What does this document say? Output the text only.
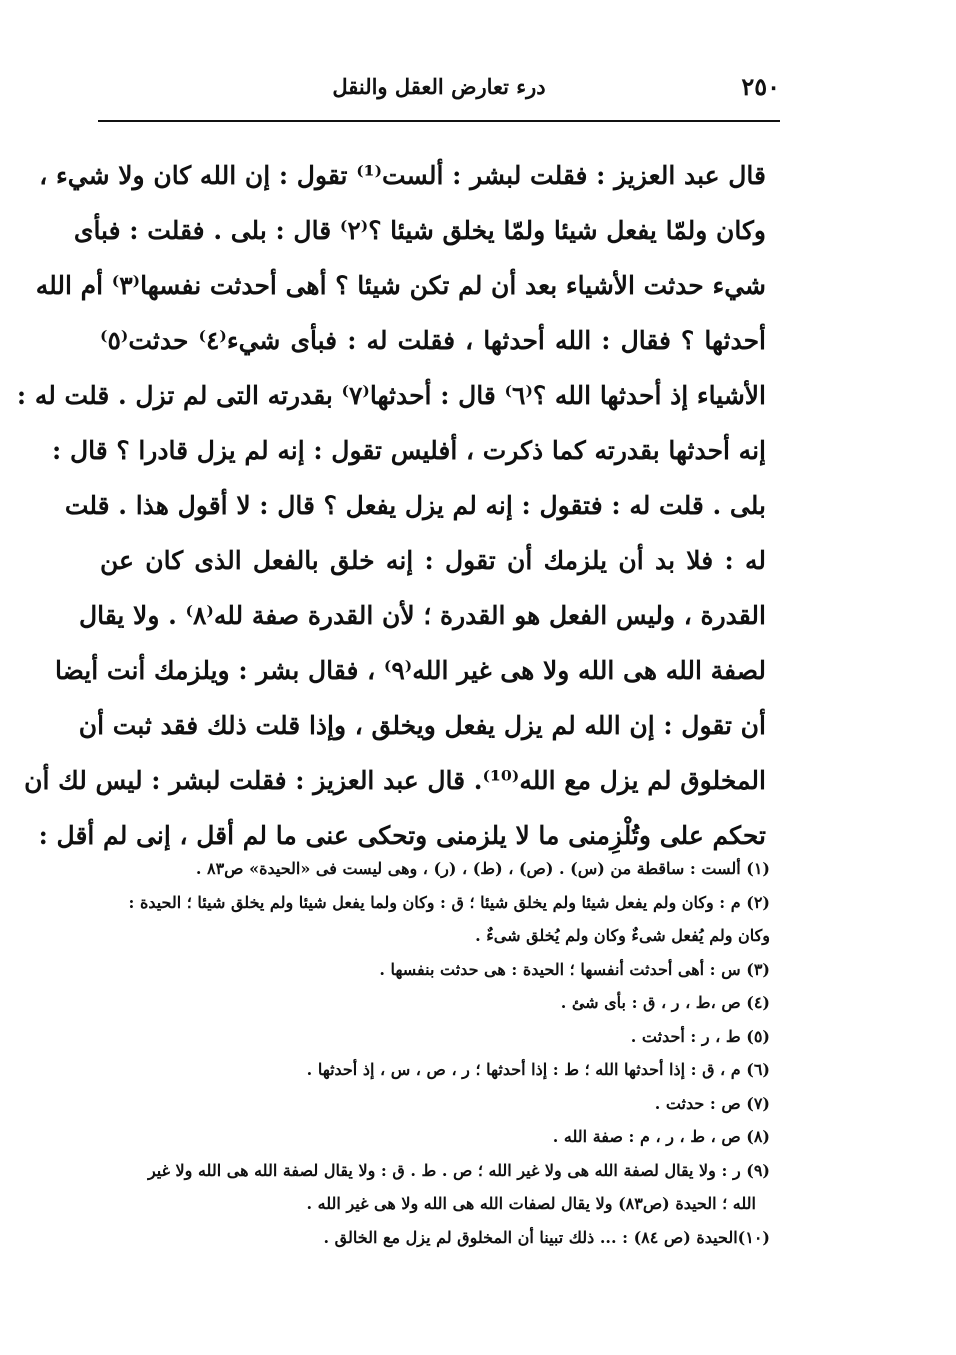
٢٥٠
درء تعارض العقل والنقل
قال عبد العزيز : فقلت لبشر : ألست⁽¹⁾ تقول : إن الله كان ولا شيء ،
وكان ولمّا يفعل شيئا ولمّا يخلق شيئا ؟⁽٢⁾ قال : بلى . فقلت : فبأى
شيء حدثت الأشياء بعد أن لم تكن شيئا ؟ أهى أحدثت نفسها⁽٣⁾ أم الله
أحدثها ؟ فقال : الله أحدثها ، فقلت له : فبأى شيء⁽٤⁾ حدثت⁽٥⁾
الأشياء إذ أحدثها الله ؟⁽٦⁾ قال : أحدثها⁽٧⁾ بقدرته التى لم تزل . قلت له :
إنه أحدثها بقدرته كما ذكرت ، أفليس تقول : إنه لم يزل قادرا ؟ قال :
بلى . قلت له : فتقول : إنه لم يزل يفعل ؟ قال : لا أقول هذا . قلت
له : فلا بد أن يلزمك أن تقول : إنه خلق بالفعل الذى كان عن
القدرة ، وليس الفعل هو القدرة ؛ لأن القدرة صفة لله⁽٨⁾ . ولا يقال
لصفة الله هى الله ولا هى غير الله⁽٩⁾ ، فقال بشر : ويلزمك أنت أيضا
أن تقول : إن الله لم يزل يفعل ويخلق ، وإذا قلت ذلك فقد ثبت أن
المخلوق لم يزل مع الله⁽¹⁰⁾. قال عبد العزيز : فقلت لبشر : ليس لك أن
تحكم على وتُلْزِمنى ما لا يلزمنى وتحكى عنى ما لم أقل ، إنى لم أقل :
(١) ألست : ساقطة من (س) . (ص) ، (ط) ، (ر) ، وهى ليست فى «الحيدة» ص٨٣ .
(٢) م : وكان ولم يفعل شيئا ولم يخلق شيئا ؛ ق : وكان ولما يفعل شيئا ولم يخلق شيئا ؛ الحيدة :
وكان ولم يُفعل شىءٌ وكان ولم يُخلق شىءٌ .
(٣) س : أهى أحدثت أنفسها ؛ الحيدة : هى حدثت بنفسها .
(٤) ص ،ط ، ر ، ق : بأى شئ .
(٥) ط ، ر : أحدثت .
(٦) م ، ق : إذا أحدثها الله ؛ ط : إذا أحدثها ؛ ر ، ص ، س ، إذ أحدثها .
(٧) ص : حدثت .
(٨) ص ، ط ، ر ، م : صفة الله .
(٩) ر : ولا يقال لصفة الله هى ولا غير الله ؛ ص . ط . ق : ولا يقال لصفة الله هى الله ولا غير
الله ؛ الحيدة (ص٨٣) ولا يقال لصفات الله هى الله ولا هى غير الله .
(١٠)الحيدة (ص ٨٤) : ... ذلك تبينا أن المخلوق لم يزل مع الخالق .
